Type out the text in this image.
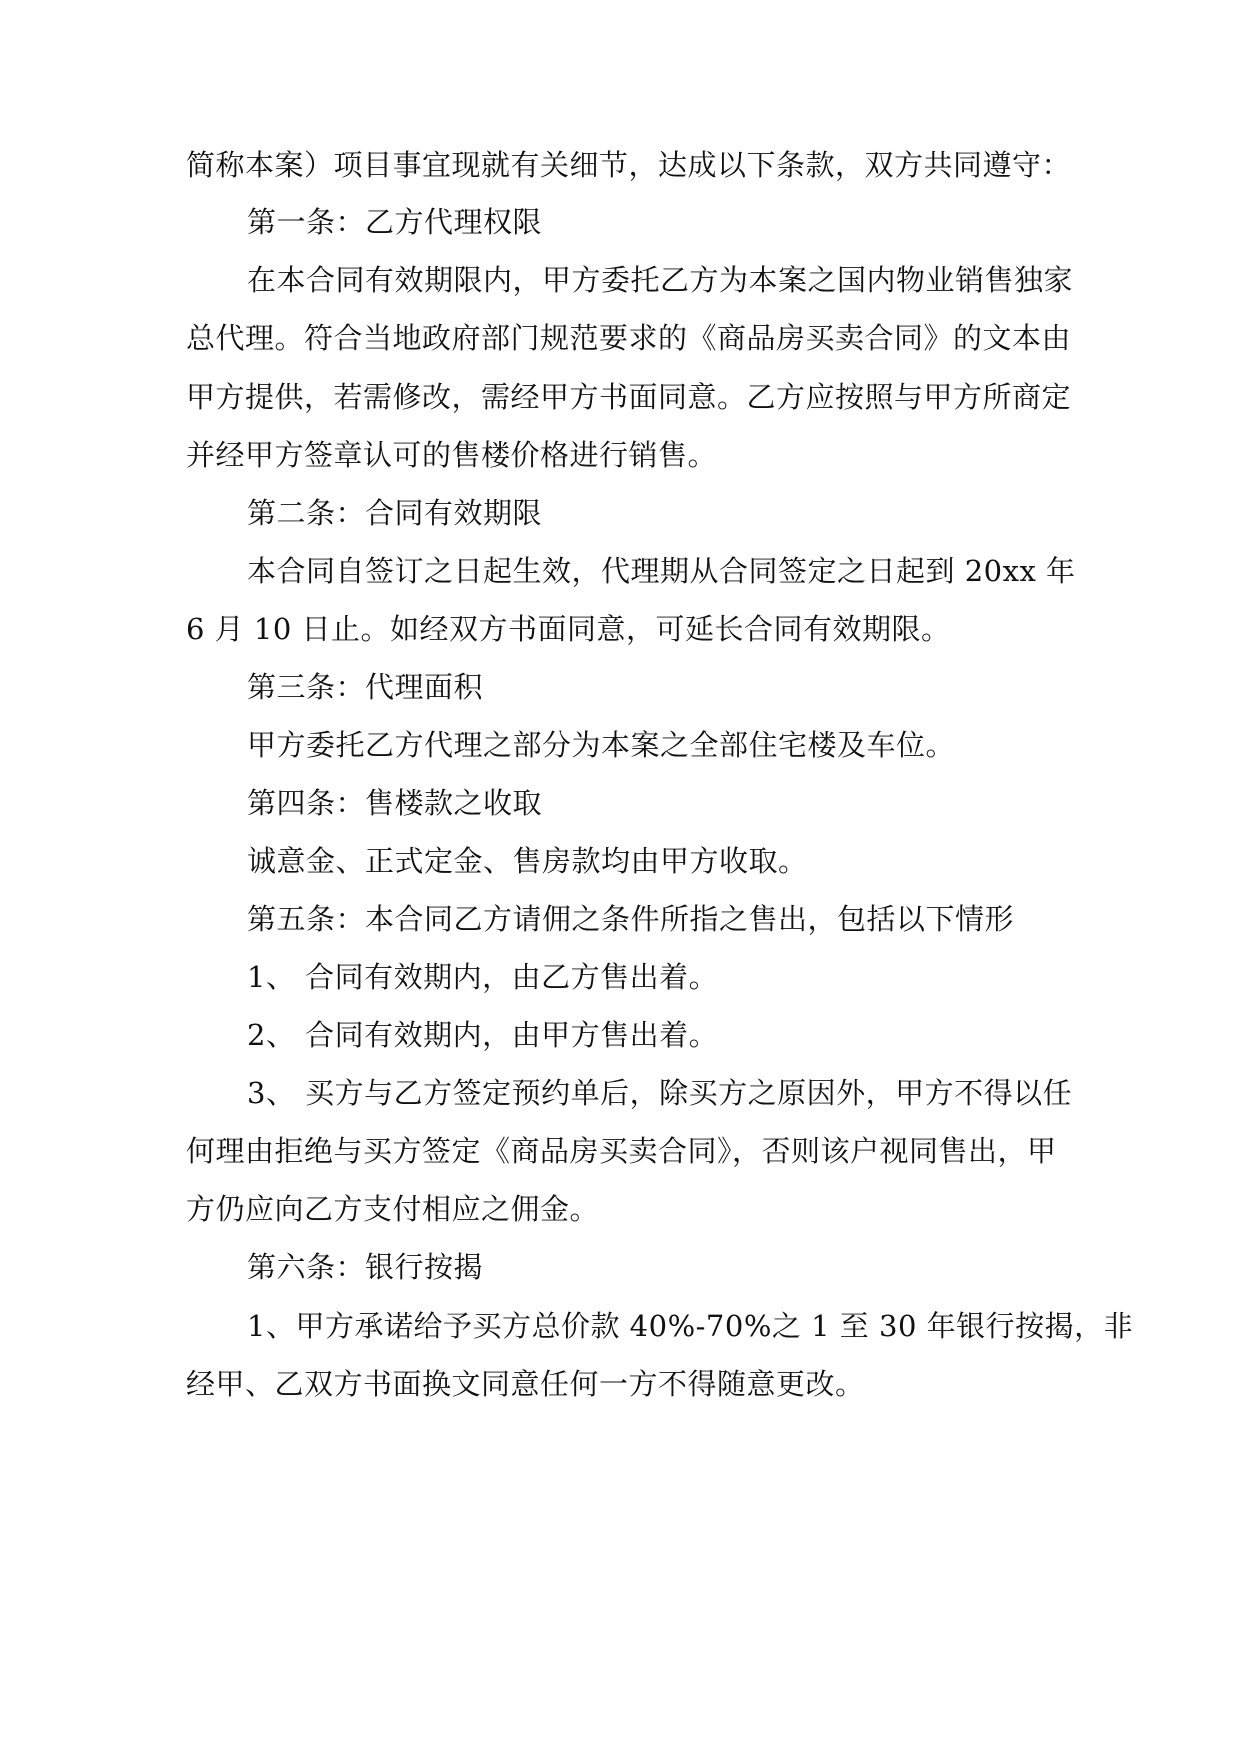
简称本案）项目事宜现就有关细节，达成以下条款，双方共同遵守：
第一条：乙方代理权限
在本合同有效期限内，甲方委托乙方为本案之国内物业销售独家
总代理。符合当地政府部门规范要求的《商品房买卖合同》的文本由
甲方提供，若需修改，需经甲方书面同意。乙方应按照与甲方所商定
并经甲方签章认可的售楼价格进行销售。
第二条：合同有效期限
本合同自签订之日起生效，代理期从合同签定之日起到 20xx 年
6 月 10 日止。如经双方书面同意，可延长合同有效期限。
第三条：代理面积
甲方委托乙方代理之部分为本案之全部住宅楼及车位。
第四条：售楼款之收取
诚意金、正式定金、售房款均由甲方收取。
第五条：本合同乙方请佣之条件所指之售出，包括以下情形
1、 合同有效期内，由乙方售出着。
2、 合同有效期内，由甲方售出着。
3、 买方与乙方签定预约单后，除买方之原因外，甲方不得以任
何理由拒绝与买方签定《商品房买卖合同》，否则该户视同售出，甲
方仍应向乙方支付相应之佣金。
第六条：银行按揭
1、甲方承诺给予买方总价款 40%-70%之 1 至 30 年银行按揭，非
经甲、乙双方书面换文同意任何一方不得随意更改。
